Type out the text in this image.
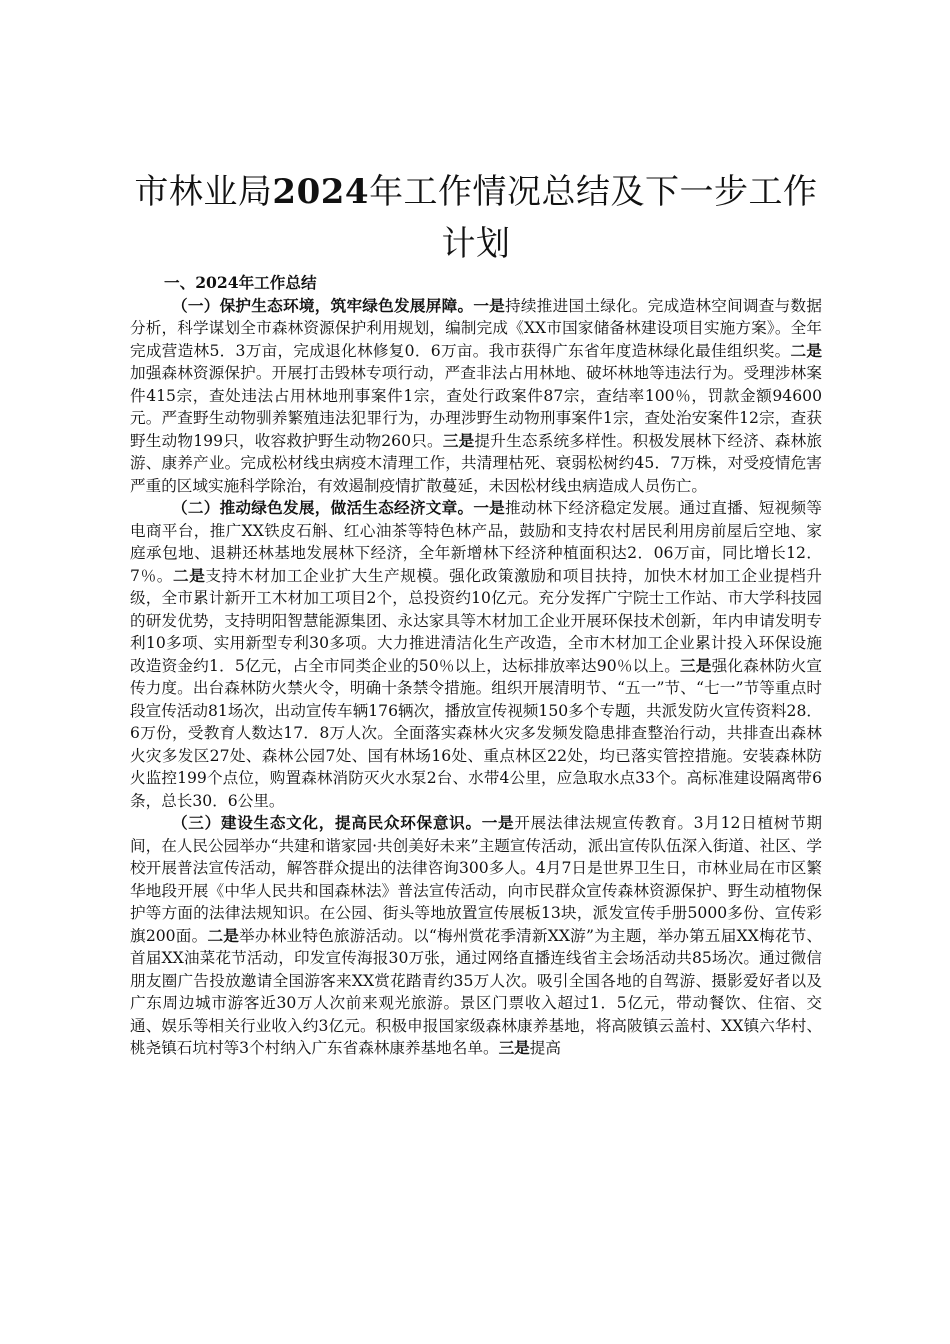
市林业局2024年工作情况总结及下一步工作
计划
一、2024年工作总结

（一）保护生态环境，筑牢绿色发展屏障。一是持续推进国土绿化。完成造林空间调查与数据分析，科学谋划全市森林资源保护利用规划，编制完成《XX市国家储备林建设项目实施方案》。全年完成营造林5．3万亩，完成退化林修复0．6万亩。我市获得广东省年度造林绿化最佳组织奖。二是加强森林资源保护。开展打击毁林专项行动，严查非法占用林地、破坏林地等违法行为。受理涉林案件415宗，查处违法占用林地刑事案件1宗，查处行政案件87宗，查结率100％，罚款金额94600元。严查野生动物驯养繁殖违法犯罪行为，办理涉野生动物刑事案件1宗，查处治安案件12宗，查获野生动物199只，收容救护野生动物260只。三是提升生态系统多样性。积极发展林下经济、森林旅游、康养产业。完成松材线虫病疫木清理工作，共清理枯死、衰弱松树约45．7万株，对受疫情危害严重的区域实施科学除治，有效遏制疫情扩散蔓延，未因松材线虫病造成人员伤亡。

（二）推动绿色发展，做活生态经济文章。一是推动林下经济稳定发展。通过直播、短视频等电商平台，推广XX铁皮石斛、红心油茶等特色林产品，鼓励和支持农村居民利用房前屋后空地、家庭承包地、退耕还林基地发展林下经济，全年新增林下经济种植面积达2．06万亩，同比增长12．7％。二是支持木材加工企业扩大生产规模。强化政策激励和项目扶持，加快木材加工企业提档升级，全市累计新开工木材加工项目2个，总投资约10亿元。充分发挥广宁院士工作站、市大学科技园的研发优势，支持明阳智慧能源集团、永达家具等木材加工企业开展环保技术创新，年内申请发明专利10多项、实用新型专利30多项。大力推进清洁化生产改造，全市木材加工企业累计投入环保设施改造资金约1．5亿元，占全市同类企业的50％以上，达标排放率达90％以上。三是强化森林防火宣传力度。出台森林防火禁火令，明确十条禁令措施。组织开展清明节、“五一”节、“七一”节等重点时段宣传活动81场次，出动宣传车辆176辆次，播放宣传视频150多个专题，共派发防火宣传资料28．6万份，受教育人数达17．8万人次。全面落实森林火灾多发频发隐患排查整治行动，共排查出森林火灾多发区27处、森林公园7处、国有林场16处、重点林区22处，均已落实管控措施。安装森林防火监控199个点位，购置森林消防灭火水泵2台、水带4公里，应急取水点33个。高标准建设隔离带6条，总长30．6公里。

（三）建设生态文化，提高民众环保意识。一是开展法律法规宣传教育。3月12日植树节期间，在人民公园举办“共建和谐家园·共创美好未来”主题宣传活动，派出宣传队伍深入街道、社区、学校开展普法宣传活动，解答群众提出的法律咨询300多人。4月7日是世界卫生日，市林业局在市区繁华地段开展《中华人民共和国森林法》普法宣传活动，向市民群众宣传森林资源保护、野生动植物保护等方面的法律法规知识。在公园、街头等地放置宣传展板13块，派发宣传手册5000多份、宣传彩旗200面。二是举办林业特色旅游活动。以“梅州赏花季清新XX游”为主题，举办第五届XX梅花节、首届XX油菜花节活动，印发宣传海报30万张，通过网络直播连线省主会场活动共85场次。通过微信朋友圈广告投放邀请全国游客来XX赏花踏青约35万人次。吸引全国各地的自驾游、摄影爱好者以及广东周边城市游客近30万人次前来观光旅游。景区门票收入超过1．5亿元，带动餐饮、住宿、交通、娱乐等相关行业收入约3亿元。积极申报国家级森林康养基地，将高陂镇云盖村、XX镇六华村、桃尧镇石坑村等3个村纳入广东省森林康养基地名单。三是提高
